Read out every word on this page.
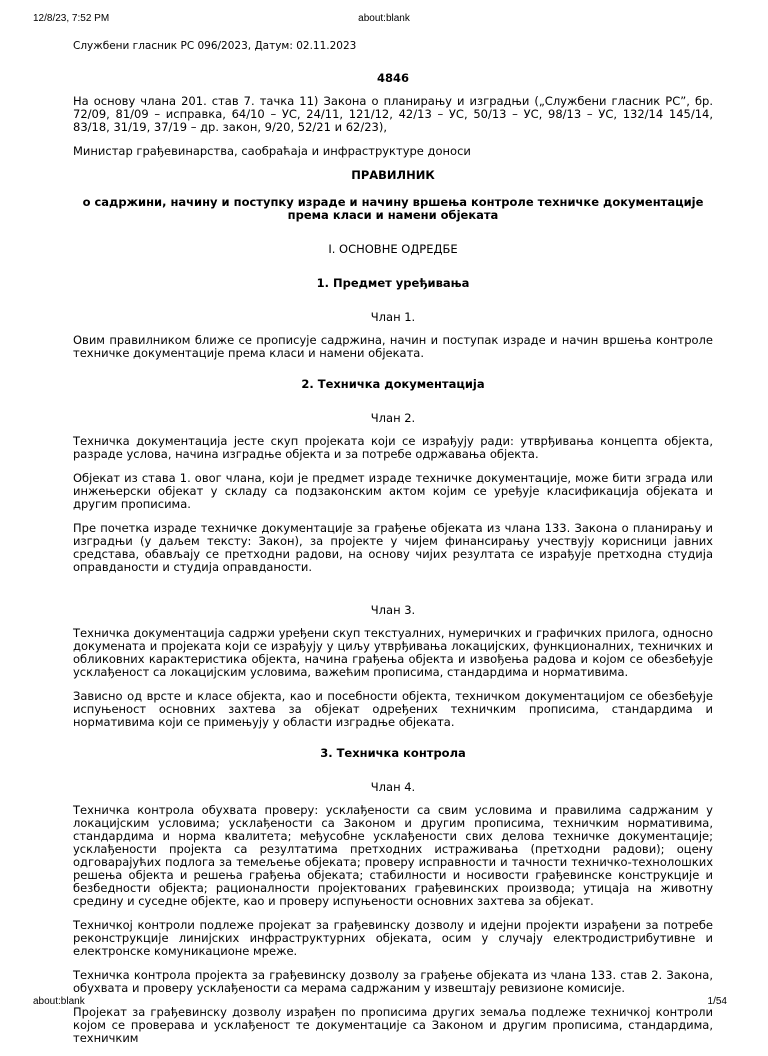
12/8/23, 7:52 PM	about:blank
Службени гласник РС 096/2023, Датум: 02.11.2023
4846

На основу члана 201. став 7. тачка 11) Закона о планирању и изградњи („Службени гласник РС”, бр. 72/09, 81/09 – исправка, 64/10 – УС, 24/11, 121/12, 42/13 – УС, 50/13 – УС, 98/13 – УС, 132/14 145/14, 83/18, 31/19, 37/19 – др. закон, 9/20, 52/21 и 62/23),

Министар грађевинарства, саобраћаја и инфраструктуре доноси

ПРАВИЛНИК
о садржини, начину и поступку израде и начину вршења контроле техничке документације према класи и намени објеката
I. ОСНОВНЕ ОДРЕДБЕ
1. Предмет уређивања
Члан 1.

Овим правилником ближе се прописује садржина, начин и поступак израде и начин вршења контроле техничке документације према класи и намени објеката.

2. Техничка документација
Члан 2.

Техничка документација јесте скуп пројеката који се израђују ради: утврђивања концепта објекта, разраде услова, начина изградње објекта и за потребе одржавања објекта.

Објекат из става 1. овог члана, који је предмет израде техничке документације, може бити зграда или инжењерски објекат у складу са подзаконским актом којим се уређује класификација објеката и другим прописима.

Пре почетка израде техничке документације за грађење објеката из члана 133. Закона о планирању и изградњи (у даљем тексту: Закон), за пројекте у чијем финансирању учествују корисници јавних средстава, обављају се претходни радови, на основу чијих резултата се израђује претходна студија оправданости и студија оправданости.

Члан 3.

Техничка документација садржи уређени скуп текстуалних, нумеричких и графичких прилога, односно докумената и пројеката који се израђују у циљу утврђивања локацијских, функционалних, техничких и обликовних карактеристика објекта, начина грађења објекта и извођења радова и којом се обезбеђује усклађеност са локацијским условима, важећим прописима, стандардима и нормативима.

Зависно од врсте и класе објекта, као и посебности објекта, техничком документацијом се обезбеђује испуњеност основних захтева за објекат одређених техничким прописима, стандардима и нормативима који се примењују у области изградње објеката.

3. Техничка контрола
Члан 4.

Техничка контрола обухвата проверу: усклађености са свим условима и правилима садржаним у локацијским условима; усклађености са Законом и другим прописима, техничким нормативима, стандардима и норма квалитета; међусобне усклађености свих делова техничке документације; усклађености пројекта са резултатима претходних истраживања (претходни радови); оцену одговарајућих подлога за темељење објеката; проверу исправности и тачности техничко-технолошких решења објекта и решења грађења објеката; стабилности и носивости грађевинске конструкције и безбедности објекта; рационалности пројектованих грађевинских производа; утицаја на животну средину и суседне објекте, као и проверу испуњености основних захтева за објекат.

Техничкој контроли подлеже пројекат за грађевинску дозволу и идејни пројекти израђени за потребе реконструкције линијских инфраструктурних објеката, осим у случају електродистрибутивне и електронске комуникационе мреже.

Техничка контрола пројекта за грађевинску дозволу за грађење објеката из члана 133. став 2. Закона, обухвата и проверу усклађености са мерама садржаним у извештају ревизионе комисије.

Пројекат за грађевинску дозволу израђен по прописима других земаља подлеже техничкој контроли којом се проверава и усклађеност те документације са Законом и другим прописима, стандардима, техничким

about:blank	1/54
